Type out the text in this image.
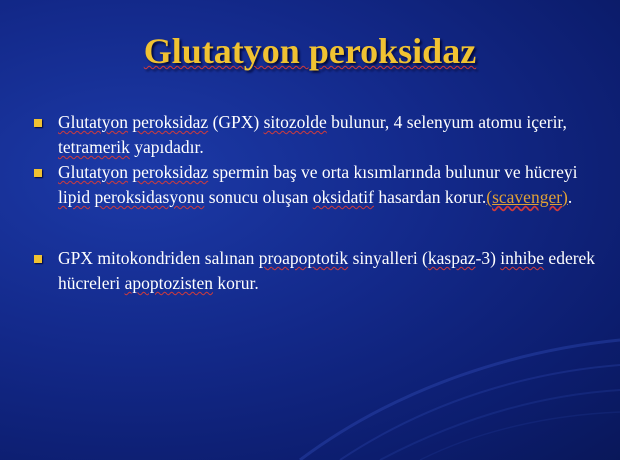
Glutatyon peroksidaz
Glutatyon peroksidaz (GPX) sitozolde bulunur, 4 selenyum atomu içerir, tetramerik yapıdadır.
Glutatyon peroksidaz spermin baş ve orta kısımlarında bulunur ve hücreyi lipid peroksidasyonu sonucu oluşan oksidatif hasardan korur.(scavenger).
GPX mitokondriden salınan proapoptotik sinyalleri (kaspaz-3) inhibe ederek hücreleri apoptozisten korur.
